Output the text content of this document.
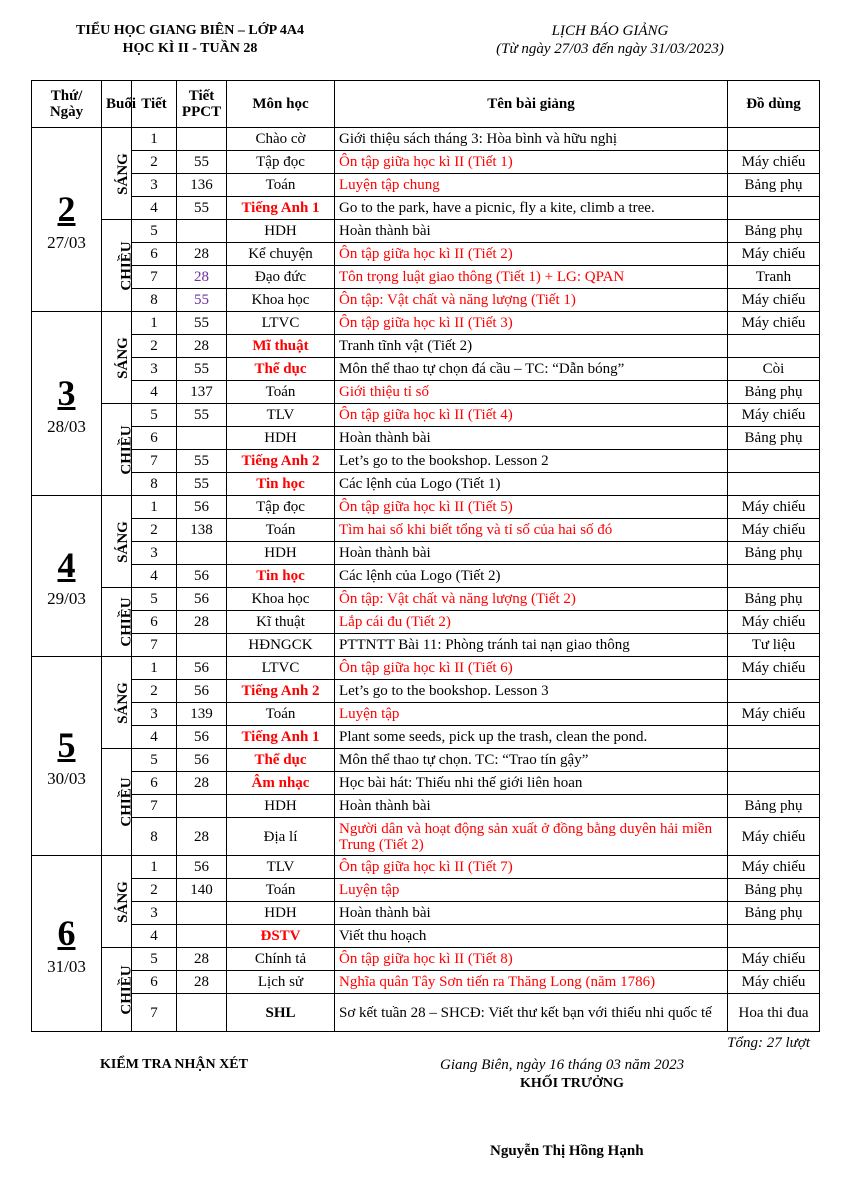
TIỂU HỌC GIANG BIÊN – LỚP 4A4
HỌC KÌ II - TUẦN 28
LỊCH BÁO GIẢNG
(Từ ngày 27/03 đến ngày 31/03/2023)
Thứ/ Ngày	Buổi	Tiết	Tiết PPCT	Môn học	Tên bài giảng	Đồ dùng

2
27/03	SÁNG	1		Chào cờ	Giới thiệu sách tháng 3: Hòa bình và hữu nghị	
		2	55	Tập đọc	Ôn tập giữa học kì II (Tiết 1)	Máy chiếu
		3	136	Toán	Luyện tập chung	Bảng phụ
		4	55	Tiếng Anh 1	Go to the park, have a picnic, fly a kite, climb a tree.	
	CHIỀU	5		HDH	Hoàn thành bài	Bảng phụ
		6	28	Kể chuyện	Ôn tập giữa học kì II (Tiết 2)	Máy chiếu
		7	28	Đạo đức	Tôn trọng luật giao thông (Tiết 1) + LG: QPAN	Tranh
		8	55	Khoa học	Ôn tập: Vật chất và năng lượng (Tiết 1)	Máy chiếu

3
28/03	SÁNG	1	55	LTVC	Ôn tập giữa học kì II (Tiết 3)	Máy chiếu
		2	28	Mĩ thuật	Tranh tĩnh vật (Tiết 2)	
		3	55	Thể dục	Môn thể thao tự chọn đá cầu – TC: “Dẫn bóng”	Còi
		4	137	Toán	Giới thiệu tỉ số	Bảng phụ
	CHIỀU	5	55	TLV	Ôn tập giữa học kì II (Tiết 4)	Máy chiếu
		6		HDH	Hoàn thành bài	Bảng phụ
		7	55	Tiếng Anh 2	Let’s go to the bookshop. Lesson 2	
		8	55	Tin học	Các lệnh của Logo (Tiết 1)	

4
29/03	SÁNG	1	56	Tập đọc	Ôn tập giữa học kì II (Tiết 5)	Máy chiếu
		2	138	Toán	Tìm hai số khi biết tổng và tỉ số của hai số đó	Máy chiếu
		3		HDH	Hoàn thành bài	Bảng phụ
		4	56	Tin học	Các lệnh của Logo (Tiết 2)	
	CHIỀU	5	56	Khoa học	Ôn tập: Vật chất và năng lượng (Tiết 2)	Bảng phụ
		6	28	Kĩ thuật	Lắp cái đu (Tiết 2)	Máy chiếu
		7		HĐNGCK	PTTNTT Bài 11: Phòng tránh tai nạn giao thông	Tư liệu

5
30/03	SÁNG	1	56	LTVC	Ôn tập giữa học kì II (Tiết 6)	Máy chiếu
		2	56	Tiếng Anh 2	Let’s go to the bookshop. Lesson 3	
		3	139	Toán	Luyện tập	Máy chiếu
		4	56	Tiếng Anh 1	Plant some seeds, pick up the trash, clean the pond.	
	CHIỀU	5	56	Thể dục	Môn thể thao tự chọn. TC: “Trao tín gậy”	
		6	28	Âm nhạc	Học bài hát: Thiếu nhi thế giới liên hoan	
		7		HDH	Hoàn thành bài	Bảng phụ
		8	28	Địa lí	Người dân và hoạt động sản xuất ở đồng bằng duyên hải miền Trung (Tiết 2)	Máy chiếu

6
31/03	SÁNG	1	56	TLV	Ôn tập giữa học kì II (Tiết 7)	Máy chiếu
		2	140	Toán	Luyện tập	Bảng phụ
		3		HDH	Hoàn thành bài	Bảng phụ
		4		ĐSTV	Viết thu hoạch	
	CHIỀU	5	28	Chính tả	Ôn tập giữa học kì II (Tiết 8)	Máy chiếu
		6	28	Lịch sử	Nghĩa quân Tây Sơn tiến ra Thăng Long (năm 1786)	Máy chiếu
		7		SHL	Sơ kết tuần 28 – SHCĐ: Viết thư kết bạn với thiếu nhi quốc tế	Hoa thi đua
Tổng: 27 lượt
KIỂM TRA NHẬN XÉT	Giang Biên, ngày 16 tháng 03 năm 2023
KHỐI TRƯỞNG
Nguyễn Thị Hồng Hạnh
